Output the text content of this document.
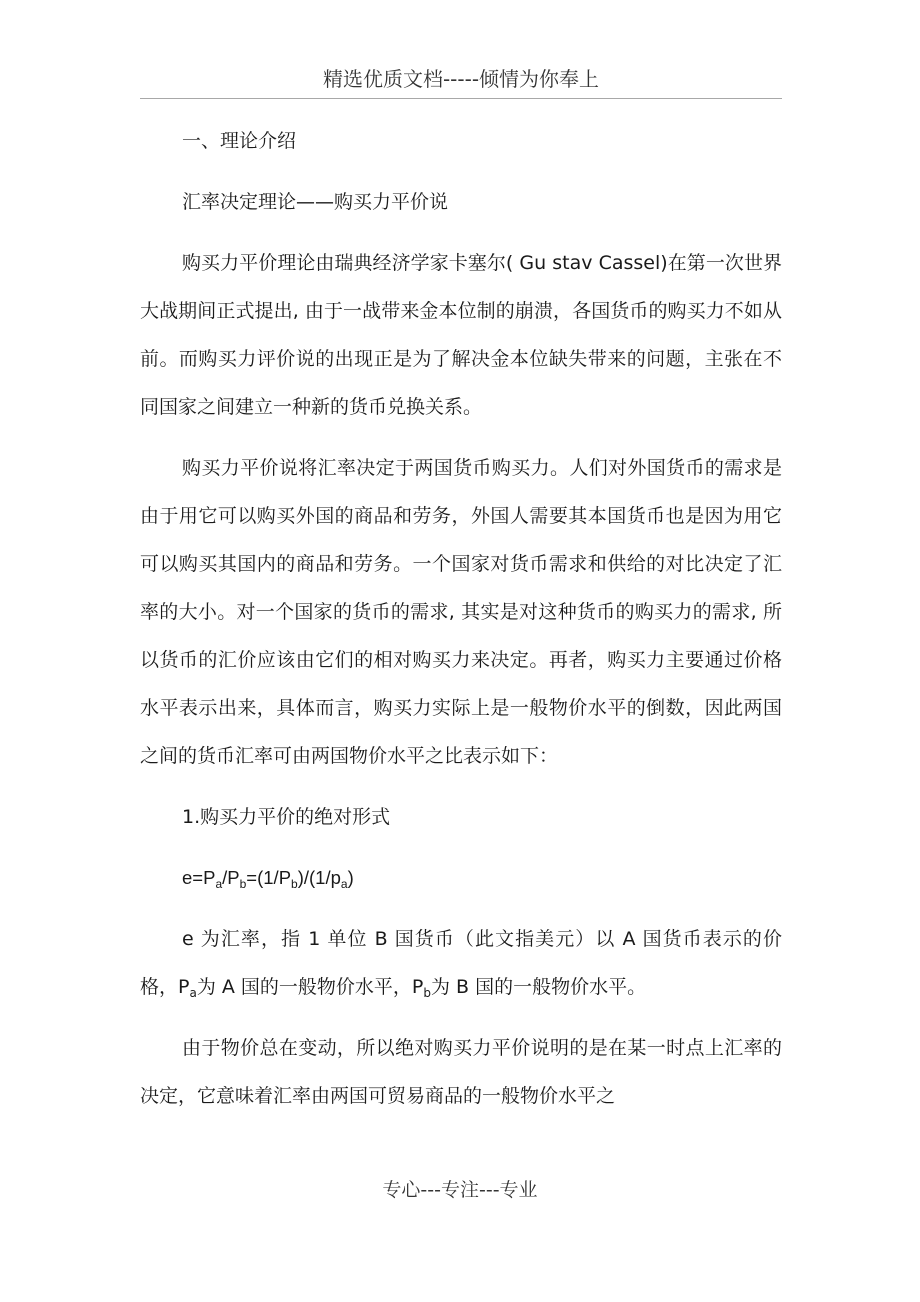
精选优质文档-----倾情为你奉上

一、理论介绍

汇率决定理论——购买力平价说

购买力平价理论由瑞典经济学家卡塞尔( Gu stav Cassel)在第一次世界大战期间正式提出, 由于一战带来金本位制的崩溃，各国货币的购买力不如从前。而购买力评价说的出现正是为了解决金本位缺失带来的问题，主张在不同国家之间建立一种新的货币兑换关系。

购买力平价说将汇率决定于两国货币购买力。人们对外国货币的需求是由于用它可以购买外国的商品和劳务，外国人需要其本国货币也是因为用它可以购买其国内的商品和劳务。一个国家对货币需求和供给的对比决定了汇率的大小。对一个国家的货币的需求, 其实是对这种货币的购买力的需求, 所以货币的汇价应该由它们的相对购买力来决定。再者，购买力主要通过价格水平表示出来，具体而言，购买力实际上是一般物价水平的倒数，因此两国之间的货币汇率可由两国物价水平之比表示如下：

1.购买力平价的绝对形式

$e=P_a/P_b=(1/P_b)/(1/p_a)$

e 为汇率，指 1 单位 B 国货币（此文指美元）以 A 国货币表示的价格，$P_a$为 A 国的一般物价水平，$P_b$为 B 国的一般物价水平。

由于物价总在变动，所以绝对购买力平价说明的是在某一时点上汇率的决定，它意味着汇率由两国可贸易商品的一般物价水平之

专心---专注---专业
